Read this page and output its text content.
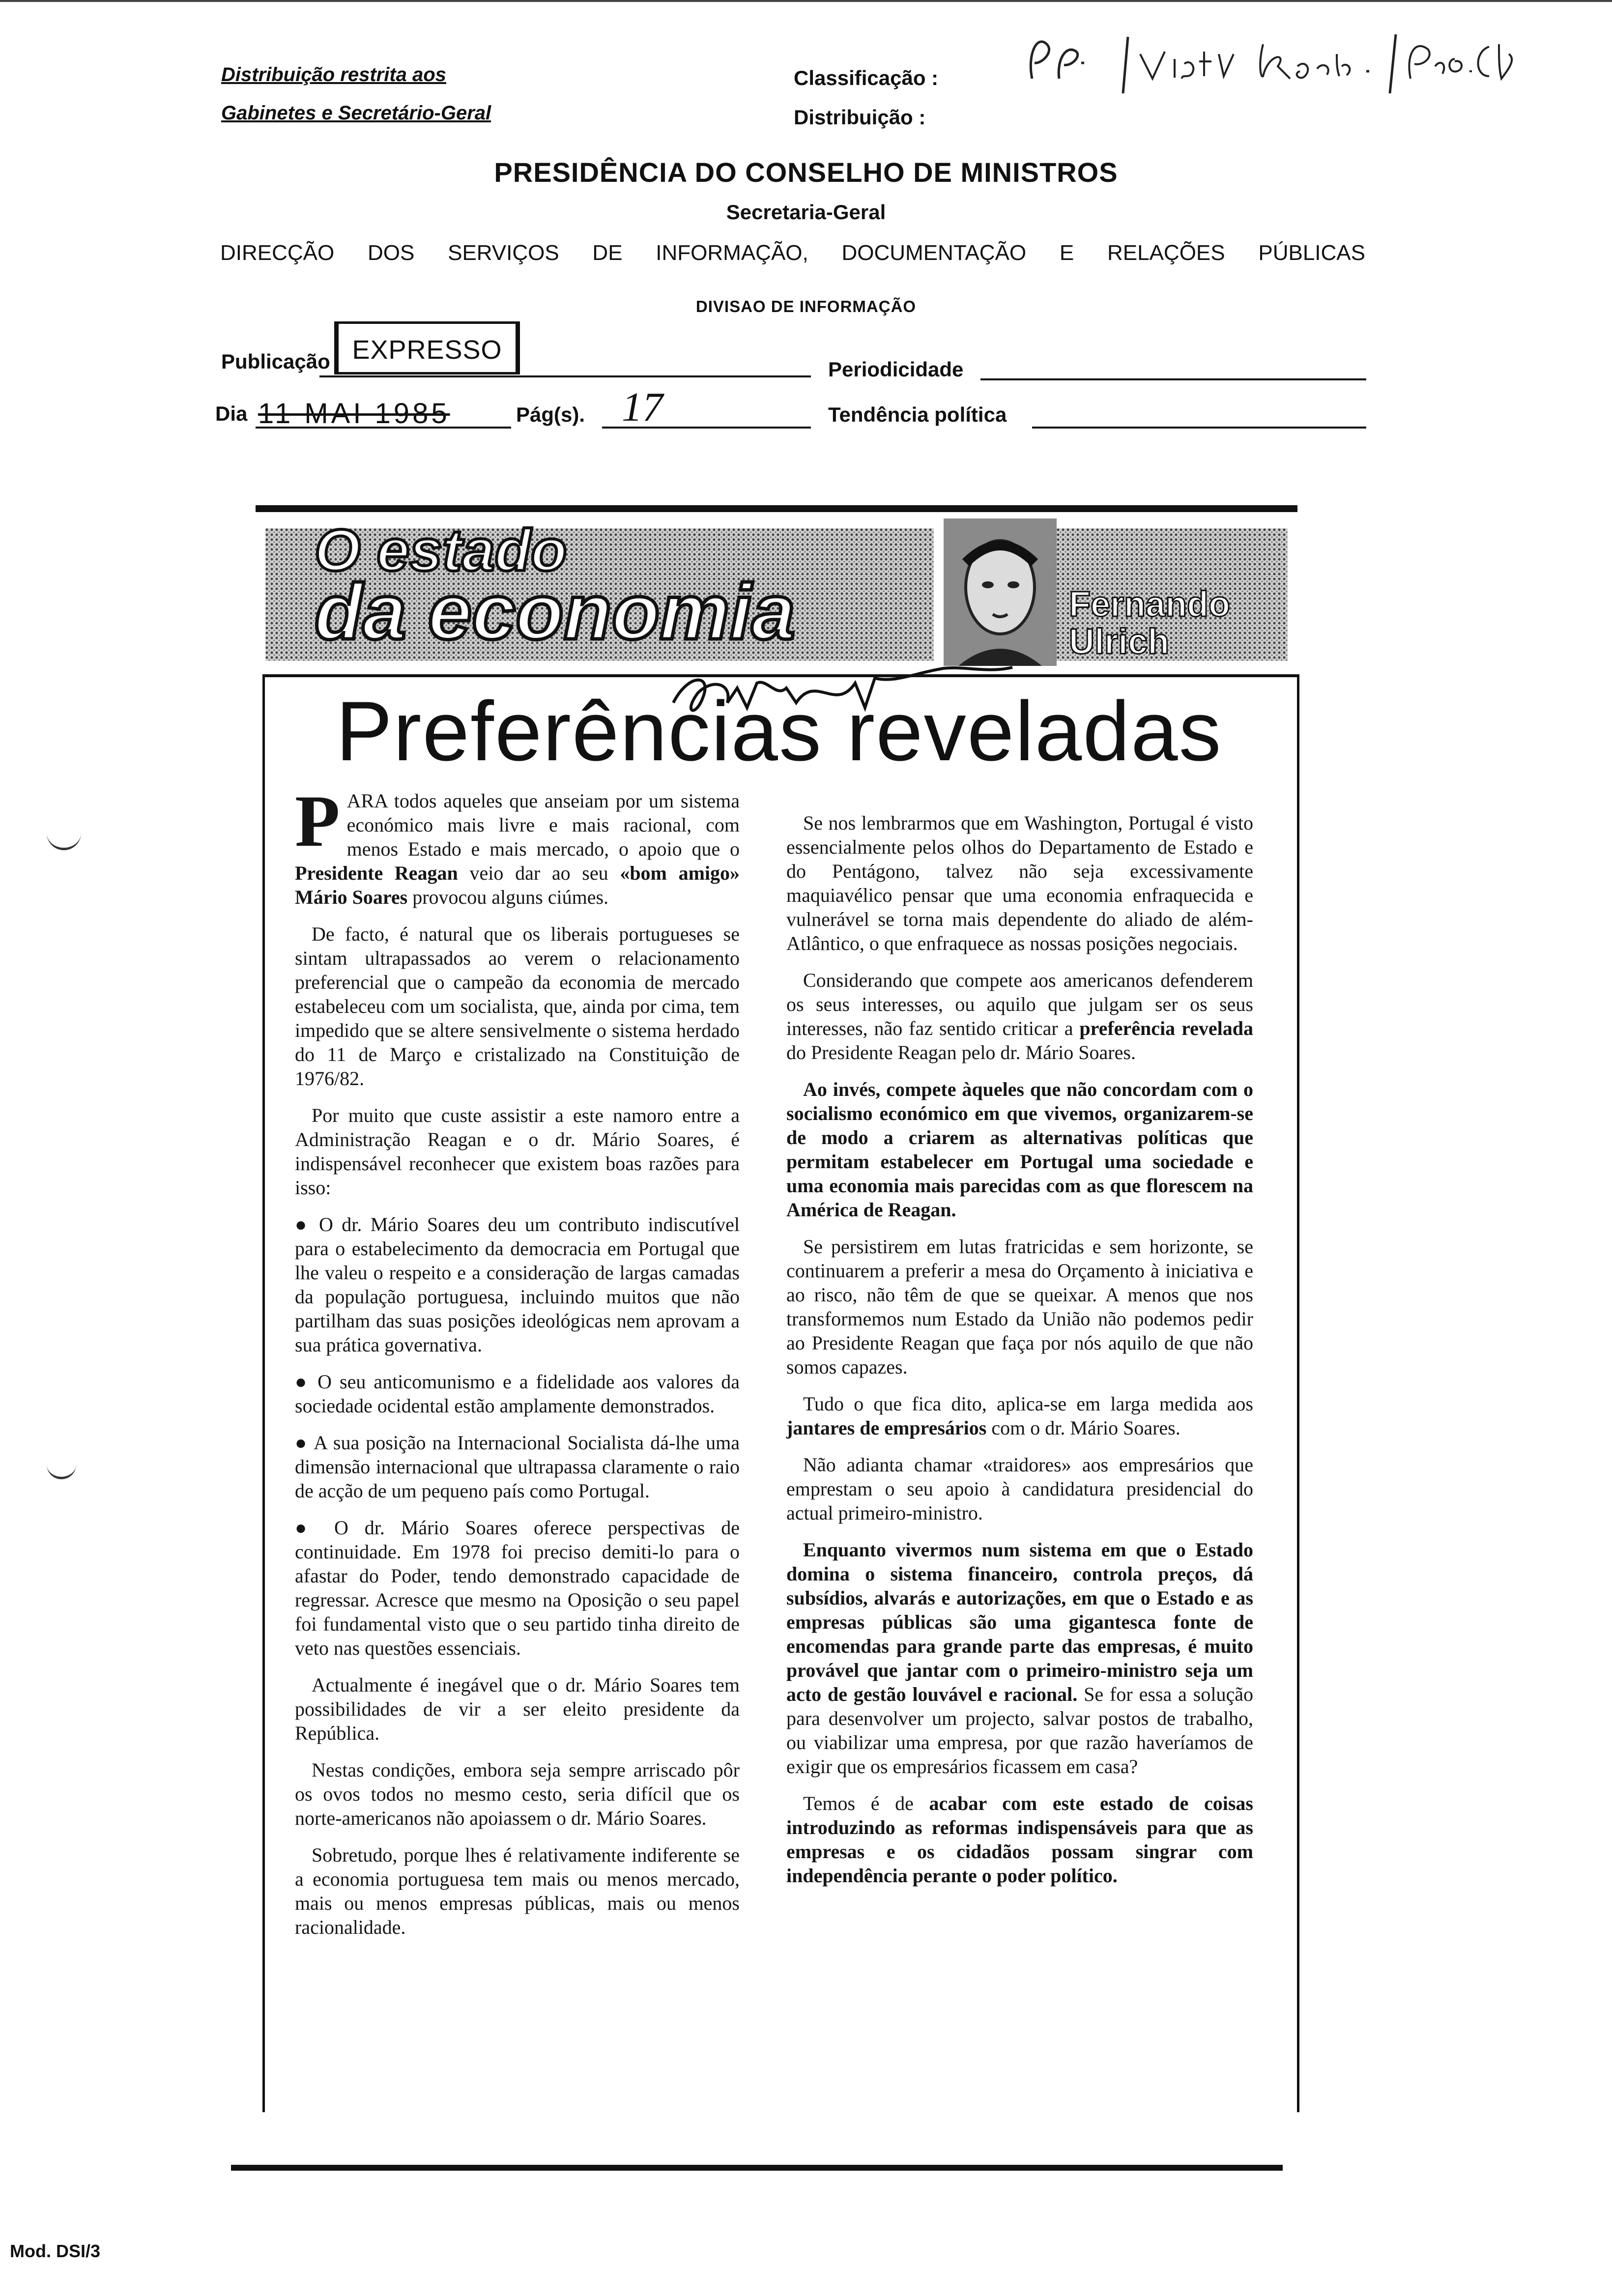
Distribuição restrita aos
Gabinetes e Secretário-Geral
Classificação :
Distribuição :
PRESIDÊNCIA DO CONSELHO DE MINISTROS
Secretaria-Geral
DIRECÇÃO DOS SERVIÇOS DE INFORMAÇÃO, DOCUMENTAÇÃO E RELAÇÕES PÚBLICAS
DIVISAO DE INFORMAÇÃO
Publicação EXPRESSO
Periodicidade
Dia 11 MAI 1985	Pág(s). 17	Tendência política
O estado
da economia	Fernando
Ulrich
Preferências reveladas

PARA todos aqueles que anseiam por um sistema económico mais livre e mais racional, com menos Estado e mais mercado, o apoio que o Presidente Reagan veio dar ao seu «bom amigo» Mário Soares provocou alguns ciúmes.

De facto, é natural que os liberais portugueses se sintam ultrapassados ao verem o relacionamento preferencial que o campeão da economia de mercado estabeleceu com um socialista, que, ainda por cima, tem impedido que se altere sensivelmente o sistema herdado do 11 de Março e cristalizado na Constituição de 1976/82.

Por muito que custe assistir a este namoro entre a Administração Reagan e o dr. Mário Soares, é indispensável reconhecer que existem boas razões para isso:

● O dr. Mário Soares deu um contributo indiscutível para o estabelecimento da democracia em Portugal que lhe valeu o respeito e a consideração de largas camadas da população portuguesa, incluindo muitos que não partilham das suas posições ideológicas nem aprovam a sua prática governativa.

● O seu anticomunismo e a fidelidade aos valores da sociedade ocidental estão amplamente demonstrados.

● A sua posição na Internacional Socialista dá-lhe uma dimensão internacional que ultrapassa claramente o raio de acção de um pequeno país como Portugal.

● O dr. Mário Soares oferece perspectivas de continuidade. Em 1978 foi preciso demiti-lo para o afastar do Poder, tendo demonstrado capacidade de regressar. Acresce que mesmo na Oposição o seu papel foi fundamental visto que o seu partido tinha direito de veto nas questões essenciais.

Actualmente é inegável que o dr. Mário Soares tem possibilidades de vir a ser eleito presidente da República.

Nestas condições, embora seja sempre arriscado pôr os ovos todos no mesmo cesto, seria difícil que os norte-americanos não apoiassem o dr. Mário Soares.

Sobretudo, porque lhes é relativamente indiferente se a economia portuguesa tem mais ou menos mercado, mais ou menos empresas públicas, mais ou menos racionalidade.

Se nos lembrarmos que em Washington, Portugal é visto essencialmente pelos olhos do Departamento de Estado e do Pentágono, talvez não seja excessivamente maquiavélico pensar que uma economia enfraquecida e vulnerável se torna mais dependente do aliado de além-Atlântico, o que enfraquece as nossas posições negociais.

Considerando que compete aos americanos defenderem os seus interesses, ou aquilo que julgam ser os seus interesses, não faz sentido criticar a preferência revelada do Presidente Reagan pelo dr. Mário Soares.

Ao invés, compete àqueles que não concordam com o socialismo económico em que vivemos, organizarem-se de modo a criarem as alternativas políticas que permitam estabelecer em Portugal uma sociedade e uma economia mais parecidas com as que florescem na América de Reagan.

Se persistirem em lutas fratricidas e sem horizonte, se continuarem a preferir a mesa do Orçamento à iniciativa e ao risco, não têm de que se queixar. A menos que nos transformemos num Estado da União não podemos pedir ao Presidente Reagan que faça por nós aquilo de que não somos capazes.

Tudo o que fica dito, aplica-se em larga medida aos jantares de empresários com o dr. Mário Soares.

Não adianta chamar «traidores» aos empresários que emprestam o seu apoio à candidatura presidencial do actual primeiro-ministro.

Enquanto vivermos num sistema em que o Estado domina o sistema financeiro, controla preços, dá subsídios, alvarás e autorizações, em que o Estado e as empresas públicas são uma gigantesca fonte de encomendas para grande parte das empresas, é muito provável que jantar com o primeiro-ministro seja um acto de gestão louvável e racional. Se for essa a solução para desenvolver um projecto, salvar postos de trabalho, ou viabilizar uma empresa, por que razão haveríamos de exigir que os empresários ficassem em casa?

Temos é de acabar com este estado de coisas introduzindo as reformas indispensáveis para que as empresas e os cidadãos possam singrar com independência perante o poder político.

Mod. DSI/3
